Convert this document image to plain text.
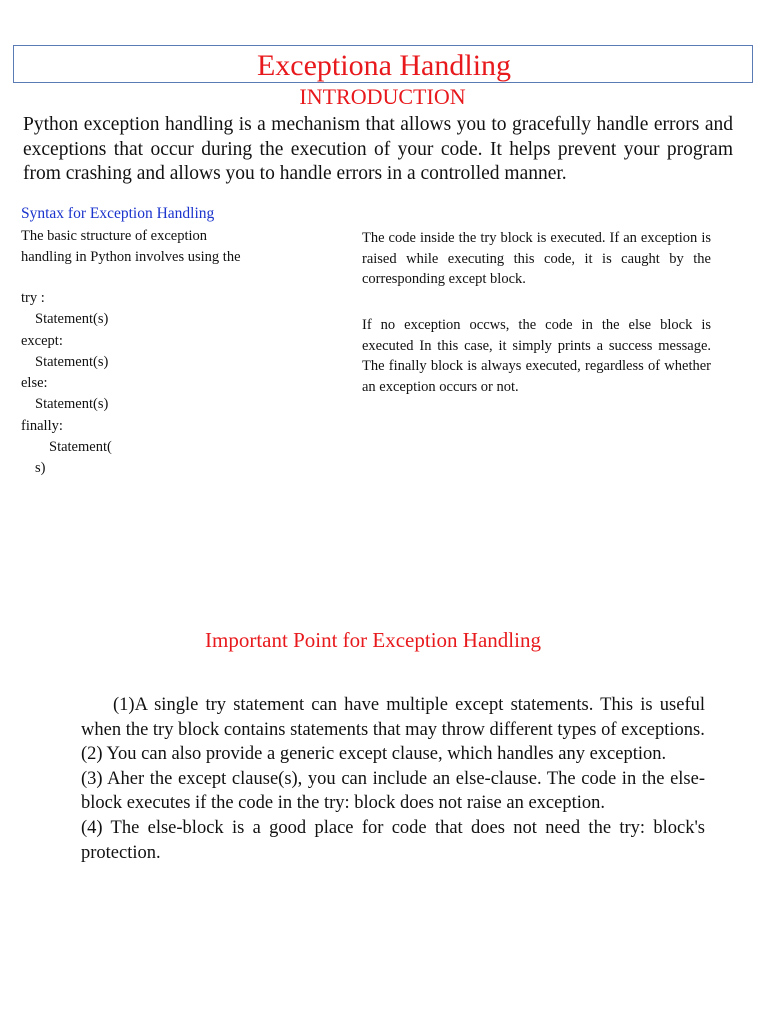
Exceptiona Handling
INTRODUCTION

Python exception handling is a mechanism that allows you to gracefully handle errors and exceptions that occur during the execution of your code. It helps prevent your program from crashing and allows you to handle errors in a controlled manner.

The basic structure of exception handling in Python involves using the

Syntax for Exception Handling
try :
Statement(s)
except:
Statement(s)
else:
Statement(s)
finally:
Statement(
s)

The code inside the try block is executed. If an exception is raised while executing this code, it is caught by the corresponding except block.

If no exception occws, the code in the else block is executed In this case, it simply prints a success message. The finally block is always executed, regardless of whether an exception occurs or not.

Important Point for Exception Handling

(1)A single try statement can have multiple except statements. This is useful when the try block contains statements that may throw different types of exceptions.

(2) You can also provide a generic except clause, which handles any exception.

(3) Aher the except clause(s), you can include an else-clause. The code in the else-block executes if the code in the try: block does not raise an exception.

(4) The else-block is a good place for code that does not need the try: block's protection.
